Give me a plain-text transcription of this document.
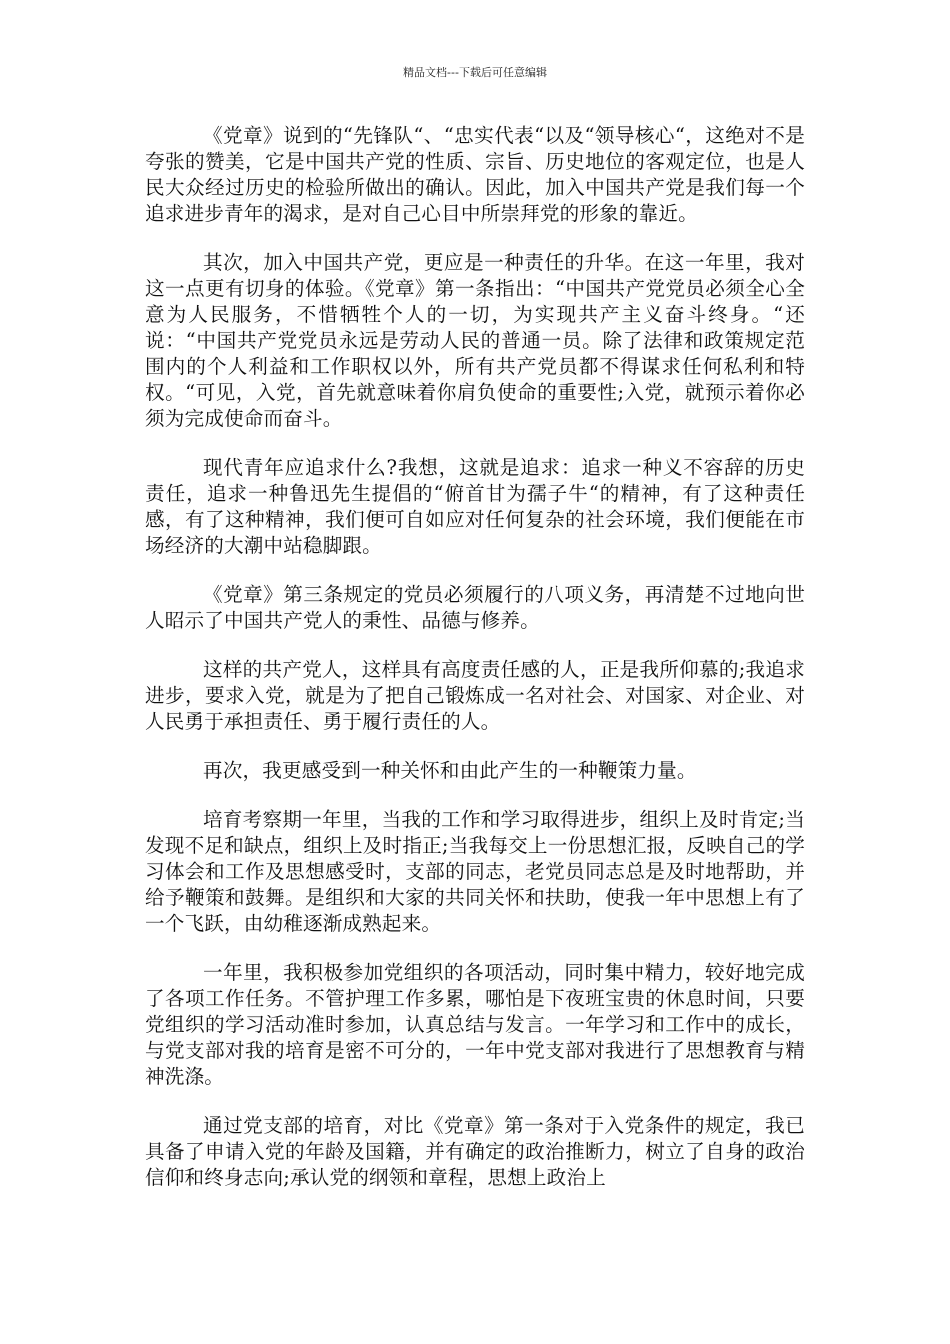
精品文档---下载后可任意编辑

《党章》说到的“先锋队“、“忠实代表“以及“领导核心“，这绝对不是夸张的赞美，它是中国共产党的性质、宗旨、历史地位的客观定位，也是人民大众经过历史的检验所做出的确认。因此，加入中国共产党是我们每一个追求进步青年的渴求，是对自己心目中所崇拜党的形象的靠近。

其次，加入中国共产党，更应是一种责任的升华。在这一年里，我对这一点更有切身的体验。《党章》第一条指出：“中国共产党党员必须全心全意为人民服务，不惜牺牲个人的一切，为实现共产主义奋斗终身。“还说：“中国共产党党员永远是劳动人民的普通一员。除了法律和政策规定范围内的个人利益和工作职权以外，所有共产党员都不得谋求任何私利和特权。“可见，入党，首先就意味着你肩负使命的重要性;入党，就预示着你必须为完成使命而奋斗。

现代青年应追求什么?我想，这就是追求：追求一种义不容辞的历史责任，追求一种鲁迅先生提倡的“俯首甘为孺子牛“的精神，有了这种责任感，有了这种精神，我们便可自如应对任何复杂的社会环境，我们便能在市场经济的大潮中站稳脚跟。

《党章》第三条规定的党员必须履行的八项义务，再清楚不过地向世人昭示了中国共产党人的秉性、品德与修养。

这样的共产党人，这样具有高度责任感的人，正是我所仰慕的;我追求进步，要求入党，就是为了把自己锻炼成一名对社会、对国家、对企业、对人民勇于承担责任、勇于履行责任的人。

再次，我更感受到一种关怀和由此产生的一种鞭策力量。

培育考察期一年里，当我的工作和学习取得进步，组织上及时肯定;当发现不足和缺点，组织上及时指正;当我每交上一份思想汇报，反映自己的学习体会和工作及思想感受时，支部的同志，老党员同志总是及时地帮助，并给予鞭策和鼓舞。是组织和大家的共同关怀和扶助，使我一年中思想上有了一个飞跃，由幼稚逐渐成熟起来。

一年里，我积极参加党组织的各项活动，同时集中精力，较好地完成了各项工作任务。不管护理工作多累，哪怕是下夜班宝贵的休息时间，只要党组织的学习活动准时参加，认真总结与发言。一年学习和工作中的成长，与党支部对我的培育是密不可分的，一年中党支部对我进行了思想教育与精神洗涤。

通过党支部的培育，对比《党章》第一条对于入党条件的规定，我已具备了申请入党的年龄及国籍，并有确定的政治推断力，树立了自身的政治信仰和终身志向;承认党的纲领和章程，思想上政治上
